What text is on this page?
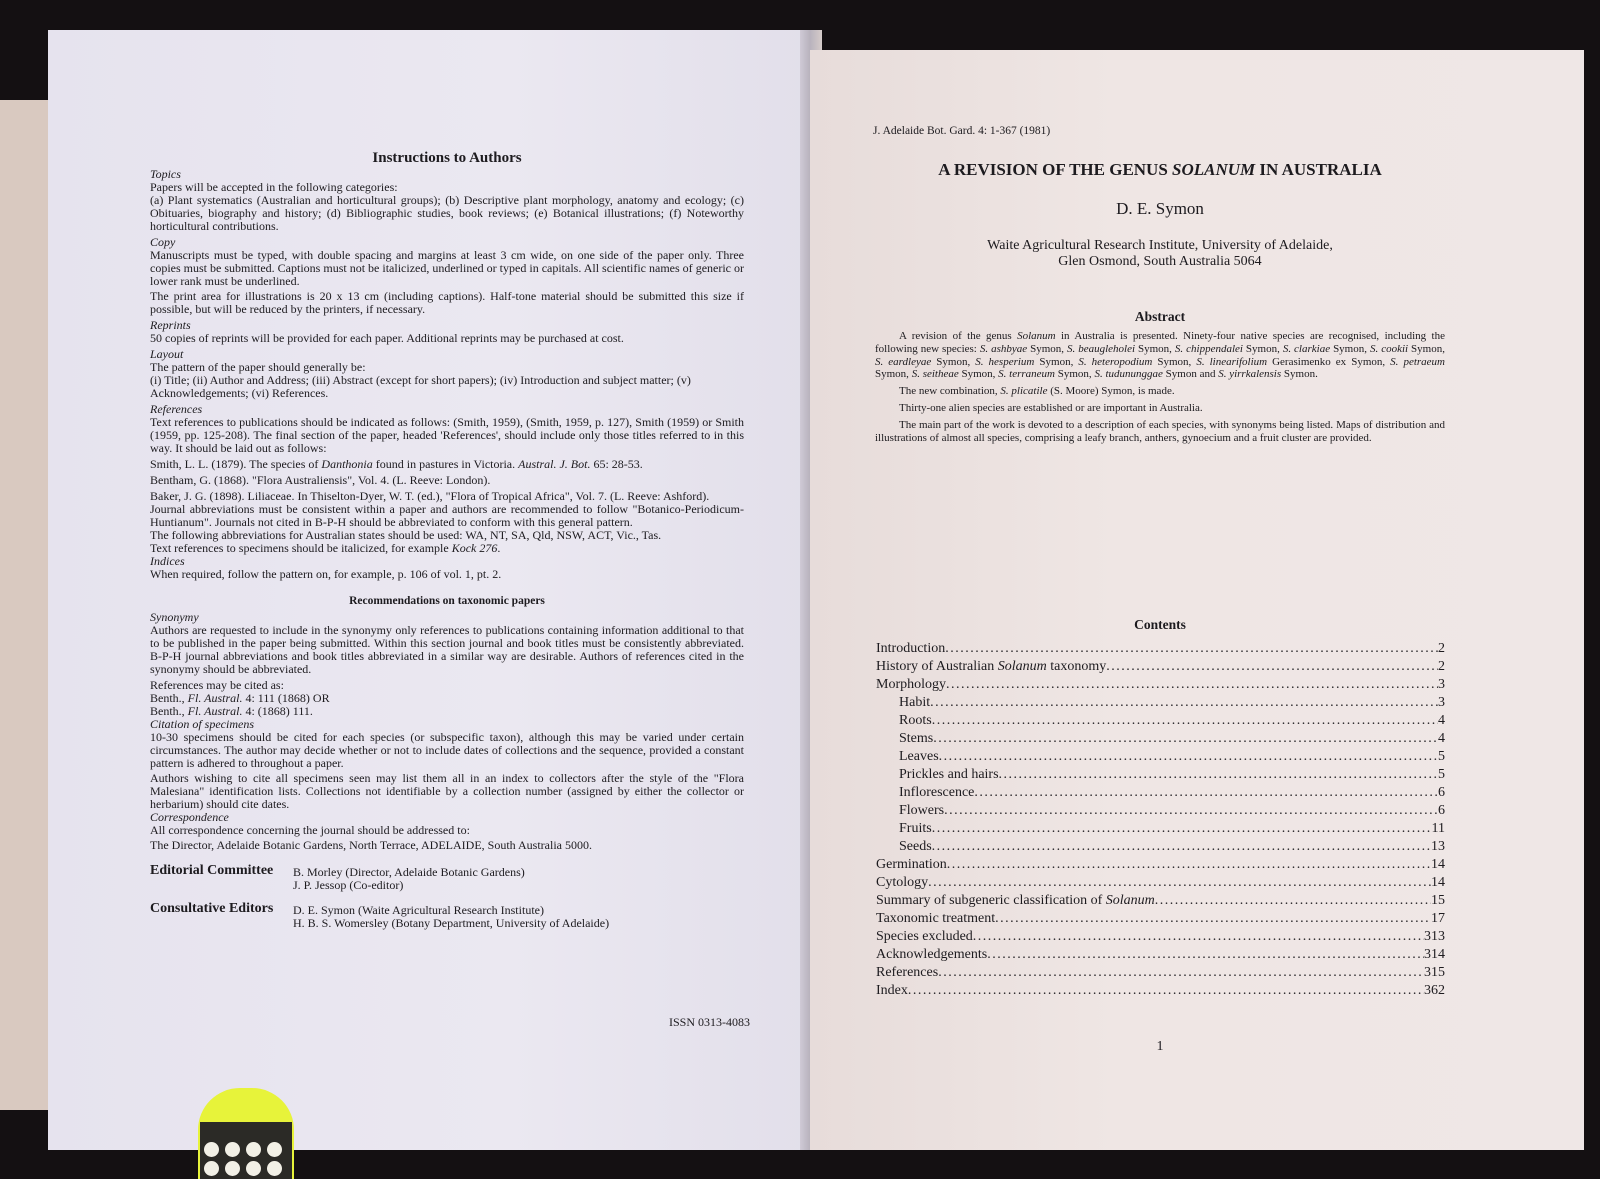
Instructions to Authors

Topics

Papers will be accepted in the following categories:

(a) Plant systematics (Australian and horticultural groups); (b) Descriptive plant morphology, anatomy and ecology; (c) Obituaries, biography and history; (d) Bibliographic studies, book reviews; (e) Botanical illustrations; (f) Noteworthy horticultural contributions.

Copy

Manuscripts must be typed, with double spacing and margins at least 3 cm wide, on one side of the paper only. Three copies must be submitted. Captions must not be italicized, underlined or typed in capitals. All scientific names of generic or lower rank must be underlined.

The print area for illustrations is 20 x 13 cm (including captions). Half-tone material should be submitted this size if possible, but will be reduced by the printers, if necessary.

Reprints

50 copies of reprints will be provided for each paper. Additional reprints may be purchased at cost.

Layout

The pattern of the paper should generally be:

(i) Title; (ii) Author and Address; (iii) Abstract (except for short papers); (iv) Introduction and subject matter; (v) Acknowledgements; (vi) References.

References

Text references to publications should be indicated as follows: (Smith, 1959), (Smith, 1959, p. 127), Smith (1959) or Smith (1959, pp. 125-208). The final section of the paper, headed 'References', should include only those titles referred to in this way. It should be laid out as follows:

Smith, L. L. (1879). The species of Danthonia found in pastures in Victoria. Austral. J. Bot. 65: 28-53.

Bentham, G. (1868). "Flora Australiensis", Vol. 4. (L. Reeve: London).

Baker, J. G. (1898). Liliaceae. In Thiselton-Dyer, W. T. (ed.), "Flora of Tropical Africa", Vol. 7. (L. Reeve: Ashford).

Journal abbreviations must be consistent within a paper and authors are recommended to follow "Botanico-Periodicum-Huntianum". Journals not cited in B-P-H should be abbreviated to conform with this general pattern.

The following abbreviations for Australian states should be used: WA, NT, SA, Qld, NSW, ACT, Vic., Tas.

Text references to specimens should be italicized, for example Kock 276.

Indices

When required, follow the pattern on, for example, p. 106 of vol. 1, pt. 2.

Recommendations on taxonomic papers

Synonymy

Authors are requested to include in the synonymy only references to publications containing information additional to that to be published in the paper being submitted. Within this section journal and book titles must be consistently abbreviated. B-P-H journal abbreviations and book titles abbreviated in a similar way are desirable. Authors of references cited in the synonymy should be abbreviated.

References may be cited as:

Benth., Fl. Austral. 4: 111 (1868) OR

Benth., Fl. Austral. 4: (1868) 111.

Citation of specimens

10-30 specimens should be cited for each species (or subspecific taxon), although this may be varied under certain circumstances. The author may decide whether or not to include dates of collections and the sequence, provided a constant pattern is adhered to throughout a paper.

Authors wishing to cite all specimens seen may list them all in an index to collectors after the style of the "Flora Malesiana" identification lists. Collections not identifiable by a collection number (assigned by either the collector or herbarium) should cite dates.

Correspondence

All correspondence concerning the journal should be addressed to:

The Director, Adelaide Botanic Gardens, North Terrace, ADELAIDE, South Australia 5000.

Editorial Committee	B. Morley (Director, Adelaide Botanic Gardens)

J. P. Jessop (Co-editor)

Consultative Editors	D. E. Symon (Waite Agricultural Research Institute)

H. B. S. Womersley (Botany Department, University of Adelaide)

ISSN 0313-4083
J. Adelaide Bot. Gard. 4: 1-367 (1981)
A REVISION OF THE GENUS SOLANUM IN AUSTRALIA
D. E. Symon

Waite Agricultural Research Institute, University of Adelaide,

Glen Osmond, South Australia 5064

Abstract

A revision of the genus Solanum in Australia is presented. Ninety-four native species are recognised, including the following new species: S. ashbyae Symon, S. beaugleholei Symon, S. chippendalei Symon, S. clarkiae Symon, S. cookii Symon, S. eardleyae Symon, S. hesperium Symon, S. heteropodium Symon, S. linearifolium Gerasimenko ex Symon, S. petraeum Symon, S. seitheae Symon, S. terraneum Symon, S. tudununggae Symon and S. yirrkalensis Symon.

The new combination, S. plicatile (S. Moore) Symon, is made.

Thirty-one alien species are established or are important in Australia.

The main part of the work is devoted to a description of each species, with synonyms being listed. Maps of distribution and illustrations of almost all species, comprising a leafy branch, anthers, gynoecium and a fruit cluster are provided.

Contents
Introduction .....	2
History of Australian Solanum taxonomy .....	2
Morphology .....	3
Habit .....	3
Roots .....	4
Stems .....	4
Leaves .....	5
Prickles and hairs .....	5
Inflorescence .....	6
Flowers .....	6
Fruits .....	11
Seeds .....	13
Germination .....	14
Cytology .....	14
Summary of subgeneric classification of Solanum .....	15
Taxonomic treatment .....	17
Species excluded .....	313
Acknowledgements .....	314
References .....	315
Index .....	362
1
